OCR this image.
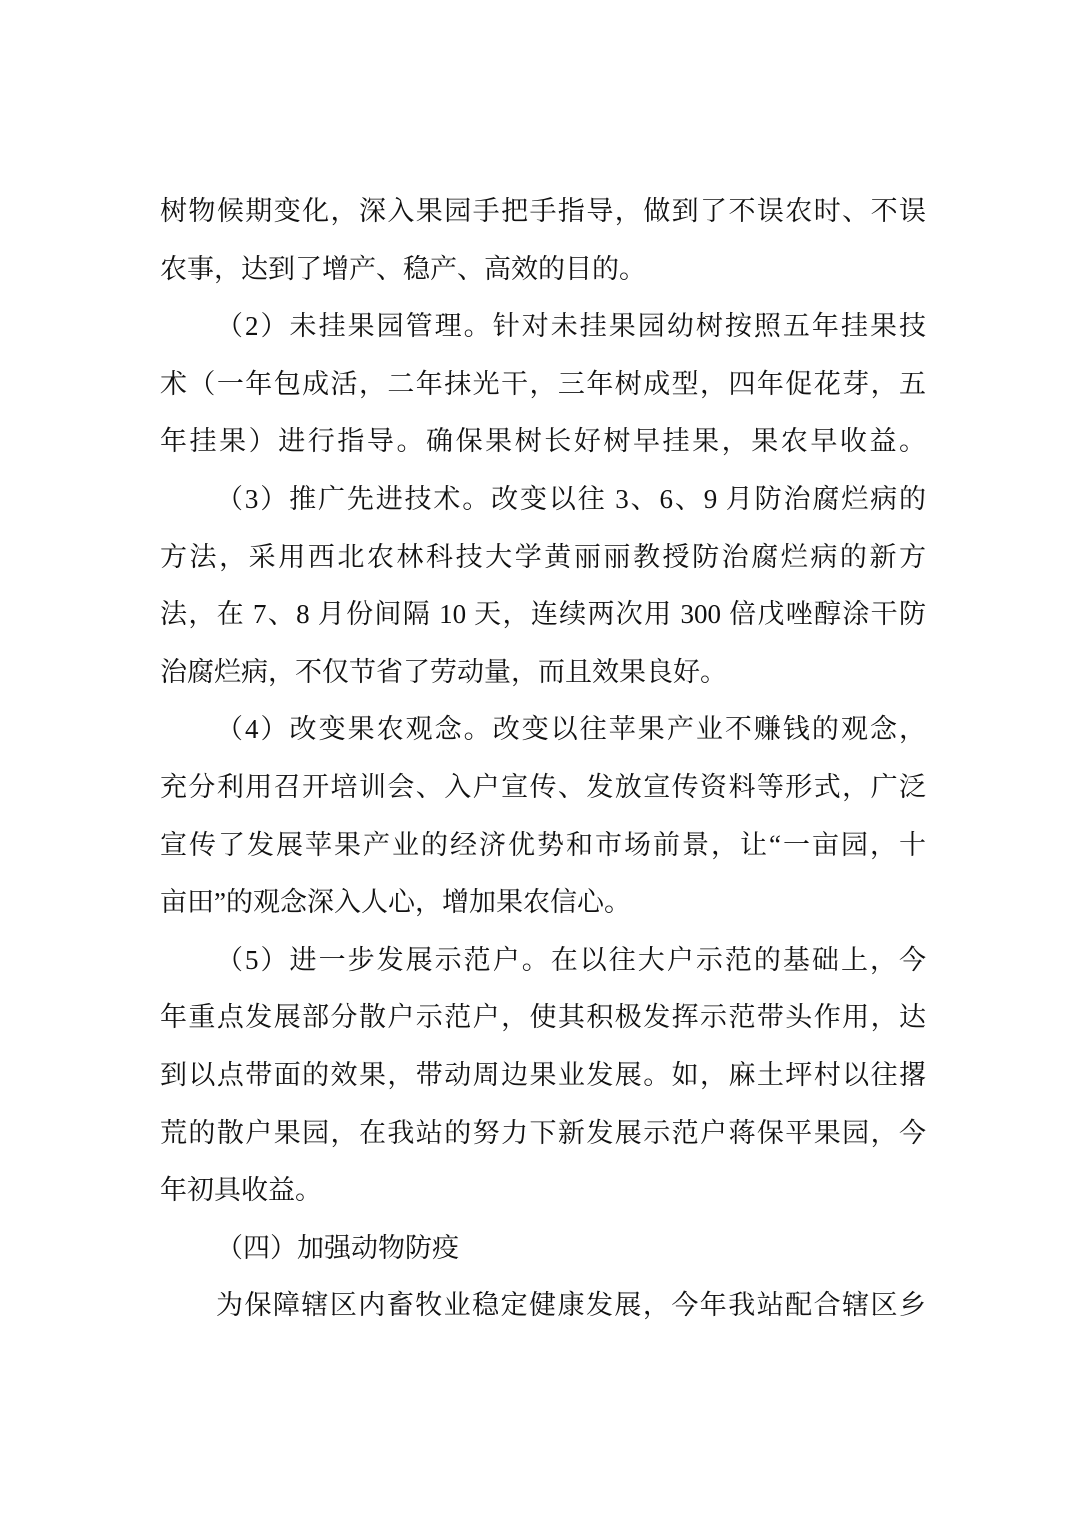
树物候期变化，深入果园手把手指导，做到了不误农时、不误
农事，达到了增产、稳产、高效的目的。
（2）未挂果园管理。针对未挂果园幼树按照五年挂果技
术（一年包成活，二年抹光干，三年树成型，四年促花芽，五
年挂果）进行指导。确保果树长好树早挂果，果农早收益。
（3）推广先进技术。改变以往 3、6、9 月防治腐烂病的
方法，采用西北农林科技大学黄丽丽教授防治腐烂病的新方
法，在 7、8 月份间隔 10 天，连续两次用 300 倍戊唑醇涂干防
治腐烂病，不仅节省了劳动量，而且效果良好。
（4）改变果农观念。改变以往苹果产业不赚钱的观念，
充分利用召开培训会、入户宣传、发放宣传资料等形式，广泛
宣传了发展苹果产业的经济优势和市场前景，让“一亩园，十
亩田”的观念深入人心，增加果农信心。
（5）进一步发展示范户。在以往大户示范的基础上，今
年重点发展部分散户示范户，使其积极发挥示范带头作用，达
到以点带面的效果，带动周边果业发展。如，麻土坪村以往撂
荒的散户果园，在我站的努力下新发展示范户蒋保平果园，今
年初具收益。
（四）加强动物防疫
为保障辖区内畜牧业稳定健康发展，今年我站配合辖区乡
